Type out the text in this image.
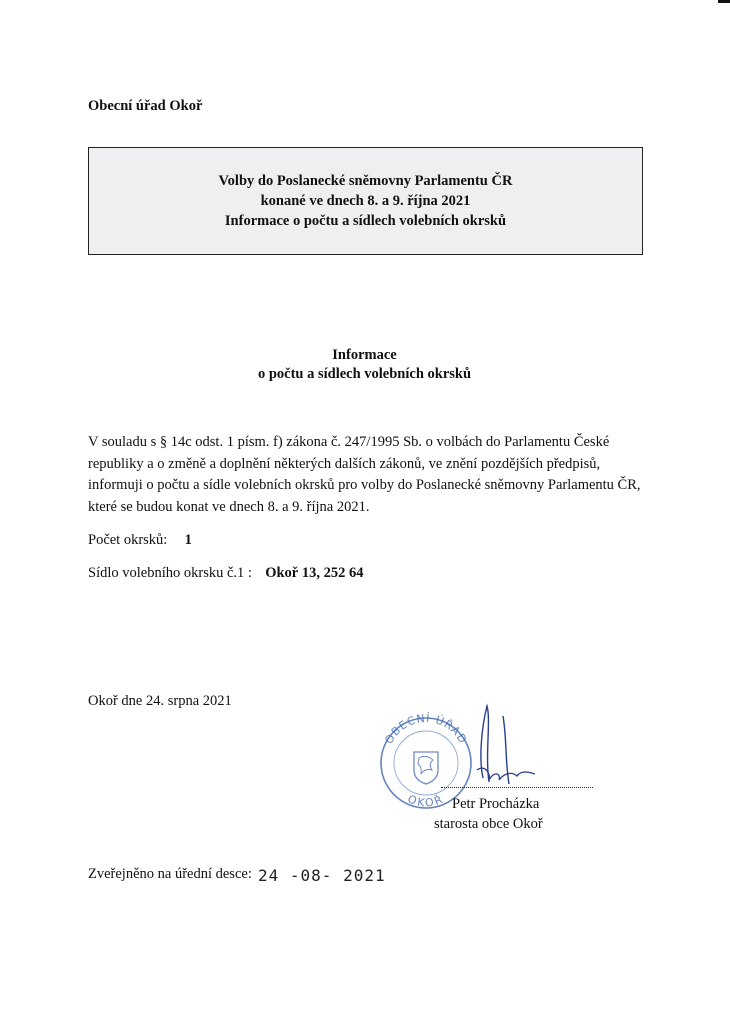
Obecní úřad Okoř
Volby do Poslanecké sněmovny Parlamentu ČR
konané ve dnech 8. a 9. října 2021
Informace o počtu a sídlech volebních okrsků
Informace
o počtu a sídlech volebních okrsků
V souladu s § 14c odst. 1 písm. f) zákona č. 247/1995 Sb. o volbách do Parlamentu České republiky a o změně a doplnění některých dalších zákonů, ve znění pozdějších předpisů, informuji o počtu a sídle volebních okrsků pro volby do Poslanecké sněmovny Parlamentu ČR, které se budou konat ve dnech 8. a 9. října 2021.
Počet okrsků: 1
Sídlo volebního okrsku č.1 : Okoř 13, 252 64
Okoř dne 24. srpna 2021
OBECNÍ ÚŘAD
OKOŘ Petr Procházka
starosta obce Okoř
Zveřejněno na úřední desce: 24 -08- 2021
